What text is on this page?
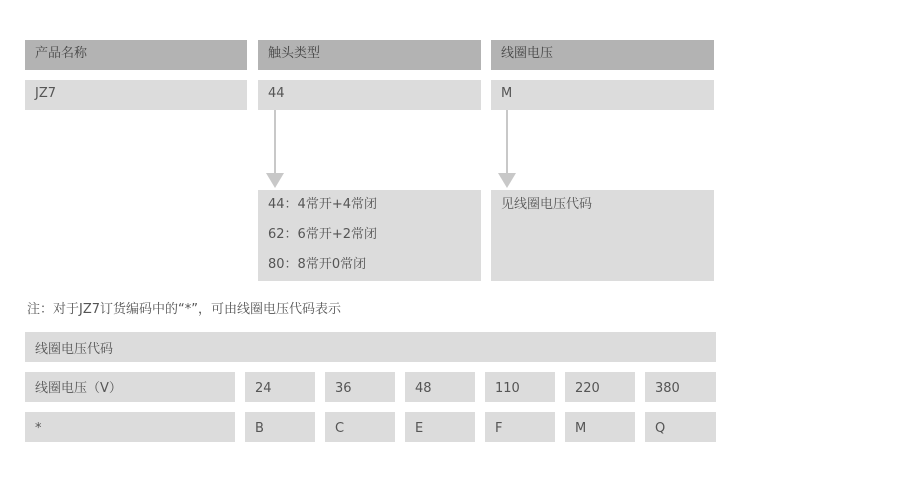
产品名称	触头类型	线圈电压
JZ7	44	M
44：4常开+4常闭
62：6常开+2常闭
80：8常开0常闭
见线圈电压代码
注：对于JZ7订货编码中的“*”，可由线圈电压代码表示
线圈电压代码
线圈电压（V）	24	36	48	110	220	380
*	B	C	E	F	M	Q
